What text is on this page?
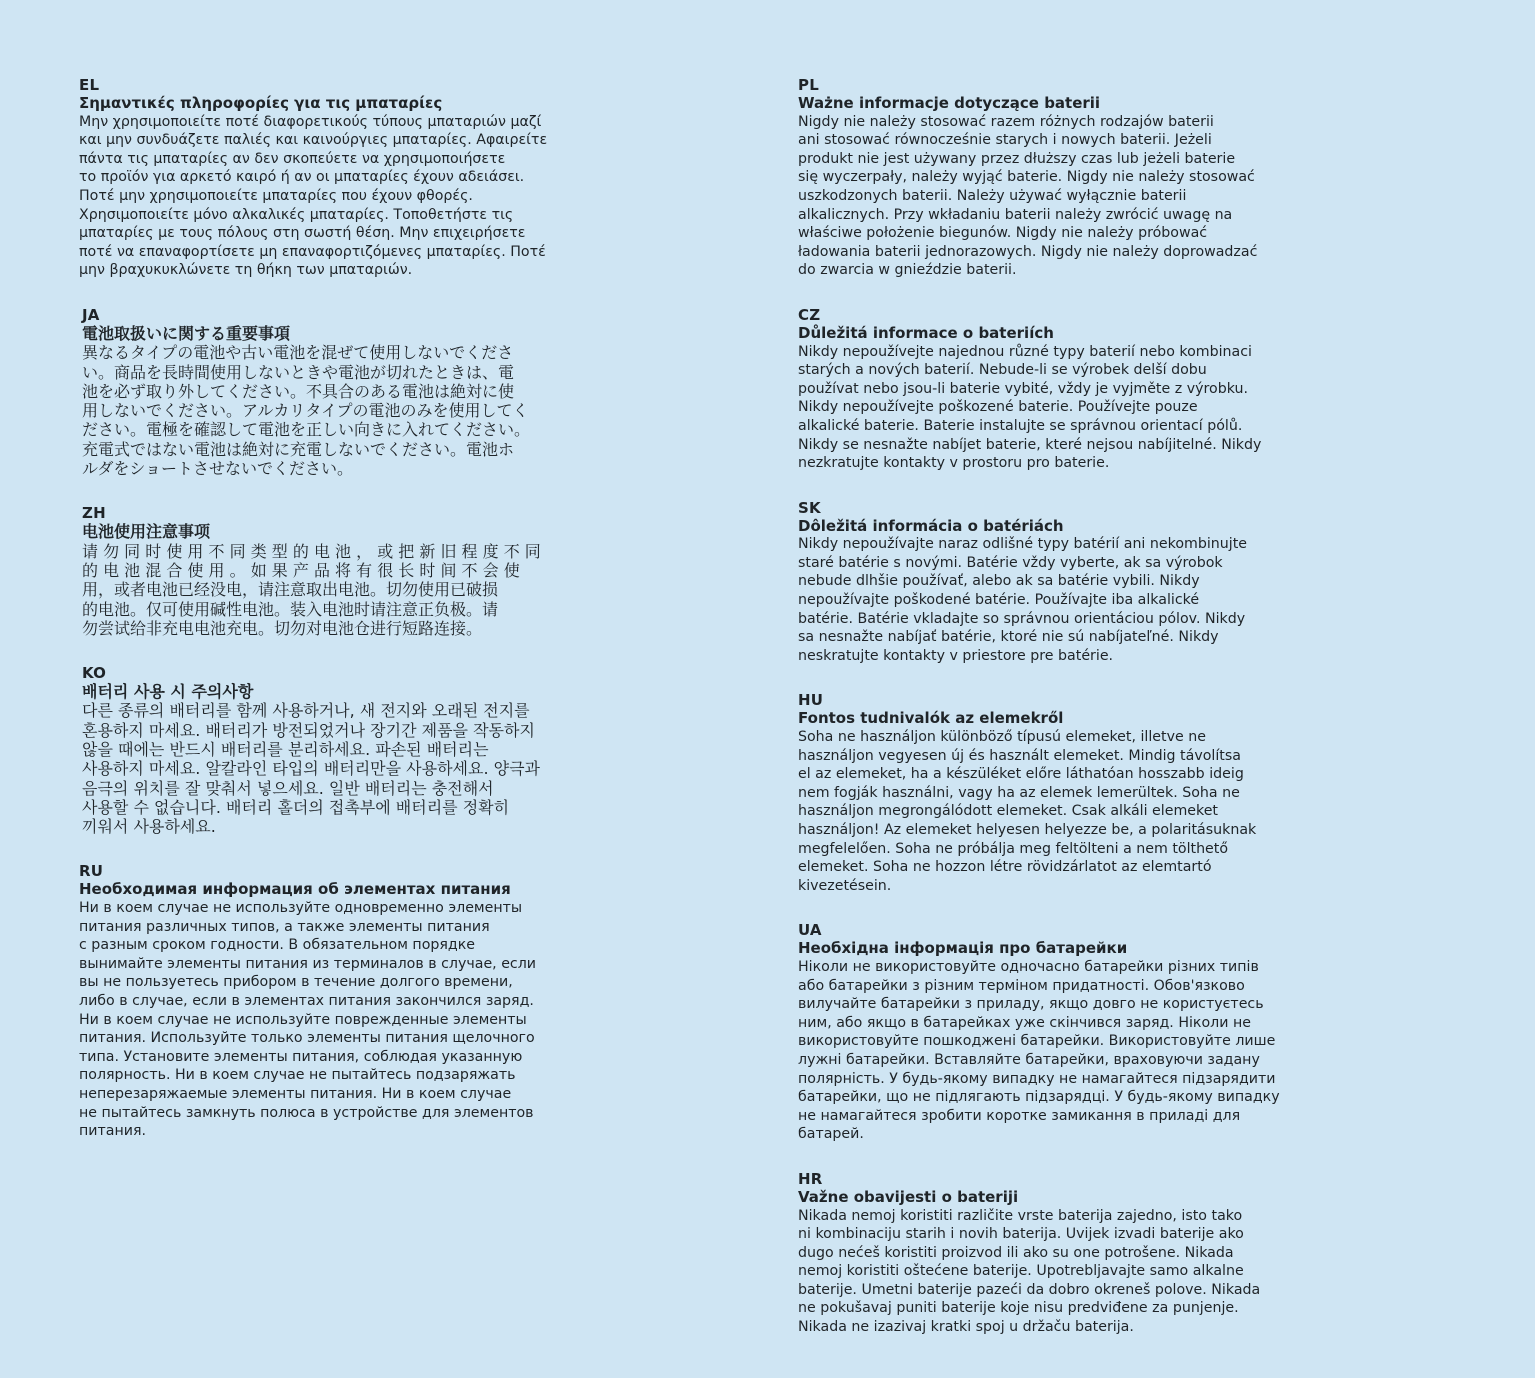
EL

Σημαντικές πληροφορίες για τις μπαταρίες

Μην χρησιμοποιείτε ποτέ διαφορετικούς τύπους μπαταριών μαζί
και μην συνδυάζετε παλιές και καινούργιες μπαταρίες. Αφαιρείτε
πάντα τις μπαταρίες αν δεν σκοπεύετε να χρησιμοποιήσετε
το προϊόν για αρκετό καιρό ή αν οι μπαταρίες έχουν αδειάσει.
Ποτέ μην χρησιμοποιείτε μπαταρίες που έχουν φθορές.
Χρησιμοποιείτε μόνο αλκαλικές μπαταρίες. Τοποθετήστε τις
μπαταρίες με τους πόλους στη σωστή θέση. Μην επιχειρήσετε
ποτέ να επαναφορτίσετε μη επαναφορτιζόμενες μπαταρίες. Ποτέ
μην βραχυκυκλώνετε τη θήκη των μπαταριών.

JA

電池取扱いに関する重要事項

異なるタイプの電池や古い電池を混ぜて使用しないでくださ
い。商品を長時間使用しないときや電池が切れたときは、電
池を必ず取り外してください。不具合のある電池は絶対に使
用しないでください。アルカリタイプの電池のみを使用してく
ださい。電極を確認して電池を正しい向きに入れてください。
充電式ではない電池は絶対に充電しないでください。電池ホ
ルダをショートさせないでください。

ZH

电池使用注意事项

请 勿 同 时 使 用 不 同 类 型 的 电 池 ， 或 把 新 旧 程 度 不 同
的 电 池 混 合 使 用 。 如 果 产 品 将 有 很 长 时 间 不 会 使
用，或者电池已经没电，请注意取出电池。切勿使用已破损
的电池。仅可使用碱性电池。装入电池时请注意正负极。请
勿尝试给非充电电池充电。切勿对电池仓进行短路连接。

KO

배터리 사용 시 주의사항

다른 종류의 배터리를 함께 사용하거나, 새 전지와 오래된 전지를
혼용하지 마세요. 배터리가 방전되었거나 장기간 제품을 작동하지
않을 때에는 반드시 배터리를 분리하세요. 파손된 배터리는
사용하지 마세요. 알칼라인 타입의 배터리만을 사용하세요. 양극과
음극의 위치를 잘 맞춰서 넣으세요. 일반 배터리는 충전해서
사용할 수 없습니다. 배터리 홀더의 접촉부에 배터리를 정확히
끼워서 사용하세요.

RU

Необходимая информация об элементах питания

Ни в коем случае не используйте одновременно элементы
питания различных типов, а также элементы питания
с разным сроком годности. В обязательном порядке
вынимайте элементы питания из терминалов в случае, если
вы не пользуетесь прибором в течение долгого времени,
либо в случае, если в элементах питания закончился заряд.
Ни в коем случае не используйте поврежденные элементы
питания. Используйте только элементы питания щелочного
типа. Установите элементы питания, соблюдая указанную
полярность. Ни в коем случае не пытайтесь подзаряжать
неперезаряжаемые элементы питания. Ни в коем случае
не пытайтесь замкнуть полюса в устройстве для элементов
питания.

PL

Ważne informacje dotyczące baterii

Nigdy nie należy stosować razem różnych rodzajów baterii
ani stosować równocześnie starych i nowych baterii. Jeżeli
produkt nie jest używany przez dłuższy czas lub jeżeli baterie
się wyczerpały, należy wyjąć baterie. Nigdy nie należy stosować
uszkodzonych baterii. Należy używać wyłącznie baterii
alkalicznych. Przy wkładaniu baterii należy zwrócić uwagę na
właściwe położenie biegunów. Nigdy nie należy próbować
ładowania baterii jednorazowych. Nigdy nie należy doprowadzać
do zwarcia w gnieździe baterii.

CZ

Důležitá informace o bateriích

Nikdy nepoužívejte najednou různé typy baterií nebo kombinaci
starých a nových baterií. Nebude-li se výrobek delší dobu
používat nebo jsou-li baterie vybité, vždy je vyjměte z výrobku.
Nikdy nepoužívejte poškozené baterie. Používejte pouze
alkalické baterie. Baterie instalujte se správnou orientací pólů.
Nikdy se nesnažte nabíjet baterie, které nejsou nabíjitelné. Nikdy
nezkratujte kontakty v prostoru pro baterie.

SK

Dôležitá informácia o batériách

Nikdy nepoužívajte naraz odlišné typy batérií ani nekombinujte
staré batérie s novými. Batérie vždy vyberte, ak sa výrobok
nebude dlhšie používať, alebo ak sa batérie vybili. Nikdy
nepoužívajte poškodené batérie. Používajte iba alkalické
batérie. Batérie vkladajte so správnou orientáciou pólov. Nikdy
sa nesnažte nabíjať batérie, ktoré nie sú nabíjateľné. Nikdy
neskratujte kontakty v priestore pre batérie.

HU

Fontos tudnivalók az elemekről

Soha ne használjon különböző típusú elemeket, illetve ne
használjon vegyesen új és használt elemeket. Mindig távolítsa
el az elemeket, ha a készüléket előre láthatóan hosszabb ideig
nem fogják használni, vagy ha az elemek lemerültek. Soha ne
használjon megrongálódott elemeket. Csak alkáli elemeket
használjon! Az elemeket helyesen helyezze be, a polaritásuknak
megfelelően. Soha ne próbálja meg feltölteni a nem tölthető
elemeket. Soha ne hozzon létre rövidzárlatot az elemtartó
kivezetésein.

UA

Необхідна інформація про батарейки

Ніколи не використовуйте одночасно батарейки різних типів
або батарейки з різним терміном придатності. Обов'язково
вилучайте батарейки з приладу, якщо довго не користуєтесь
ним, або якщо в батарейках уже скінчився заряд. Ніколи не
використовуйте пошкоджені батарейки. Використовуйте лише
лужні батарейки. Вставляйте батарейки, враховуючи задану
полярність. У будь-якому випадку не намагайтеся підзарядити
батарейки, що не підлягають підзарядці. У будь-якому випадку
не намагайтеся зробити коротке замикання в приладі для
батарей.

HR

Važne obavijesti o bateriji

Nikada nemoj koristiti različite vrste baterija zajedno, isto tako
ni kombinaciju starih i novih baterija. Uvijek izvadi baterije ako
dugo nećeš koristiti proizvod ili ako su one potrošene. Nikada
nemoj koristiti oštećene baterije. Upotrebljavajte samo alkalne
baterije. Umetni baterije pazeći da dobro okreneš polove. Nikada
ne pokušavaj puniti baterije koje nisu predviđene za punjenje.
Nikada ne izazivaj kratki spoj u držaču baterija.
